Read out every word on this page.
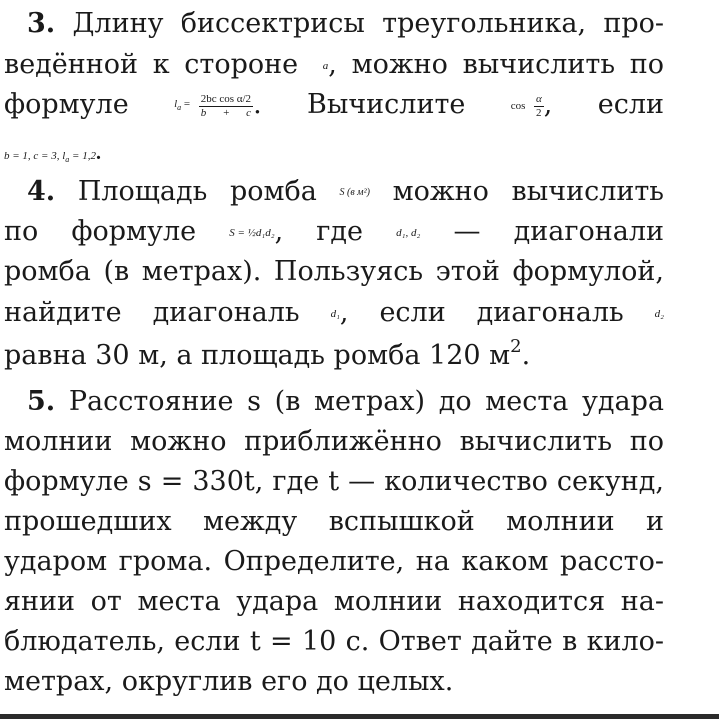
3. Длину биссектрисы треугольника, про-
ведённой к стороне a, можно вычислить по
формуле	$l_a = \frac{\text{2bc cos α/2}}{b + c}$ . Вычислите	$\cos \frac{\alpha}{2}$ , если
b = 1, c = 3, $l_a = 1,2$.
4. Площадь ромба S (в м²) можно вычислить
по формуле	S = ½d₁d₂, где	d₁, d₂ — диагонали
ромба (в метрах). Пользуясь этой формулой,
найдите диагональ	d₁, если диагональ	d₂
равна 30 м, а площадь ромба 120 $м^2$.
5. Расстояние s (в метрах) до места удара
молнии можно приближённо вычислить по
формуле s = 330t, где t — количество секунд,
прошедших между вспышкой молнии и
ударом грома. Определите, на каком рассто-
янии от места удара молнии находится на-
блюдатель, если t = 10 с. Ответ дайте в кило-
метрах, округлив его до целых.
